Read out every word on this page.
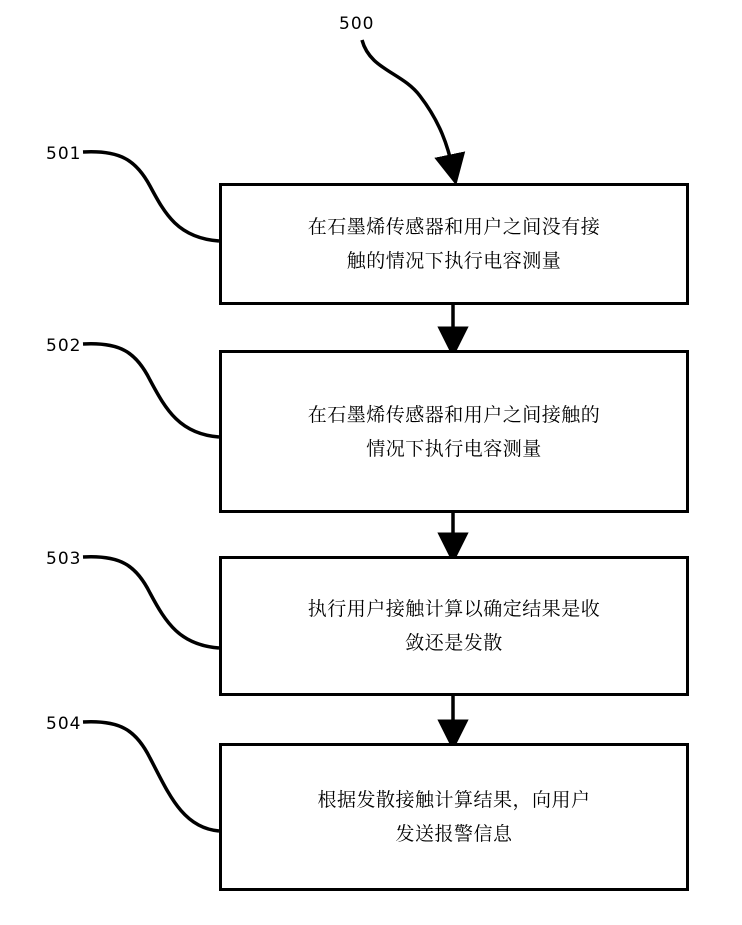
500
501
502
503
504
在石墨烯传感器和用户之间没有接
触的情况下执行电容测量
在石墨烯传感器和用户之间接触的
情况下执行电容测量
执行用户接触计算以确定结果是收
敛还是发散
根据发散接触计算结果，向用户
发送报警信息
